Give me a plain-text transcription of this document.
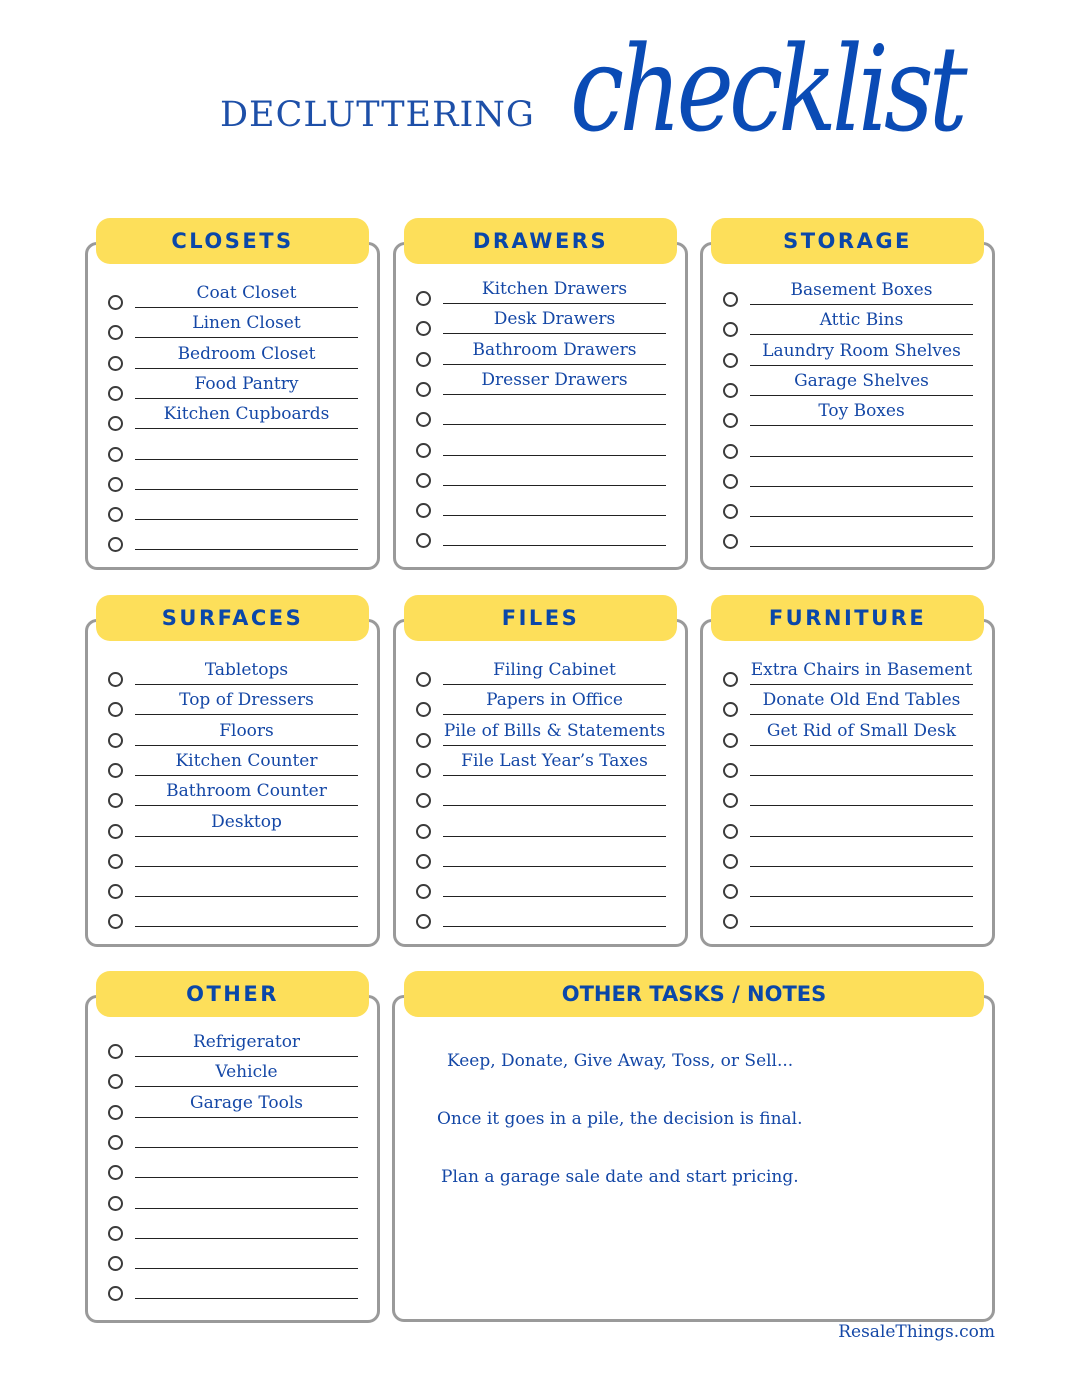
DECLUTTERING checklist
CLOSETS
Coat Closet
Linen Closet
Bedroom Closet
Food Pantry
Kitchen Cupboards
DRAWERS
Kitchen Drawers
Desk Drawers
Bathroom Drawers
Dresser Drawers
STORAGE
Basement Boxes
Attic Bins
Laundry Room Shelves
Garage Shelves
Toy Boxes
SURFACES
Tabletops
Top of Dressers
Floors
Kitchen Counter
Bathroom Counter
Desktop
FILES
Filing Cabinet
Papers in Office
Pile of Bills & Statements
File Last Year’s Taxes
FURNITURE
Extra Chairs in Basement
Donate Old End Tables
Get Rid of Small Desk
OTHER
Refrigerator
Vehicle
Garage Tools
OTHER TASKS / NOTES
Keep, Donate, Give Away, Toss, or Sell...
Once it goes in a pile, the decision is final.
Plan a garage sale date and start pricing.
ResaleThings.com
